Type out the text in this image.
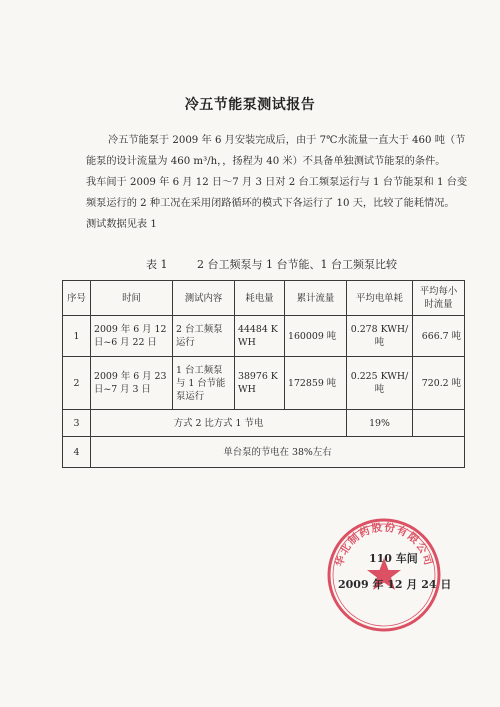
冷五节能泵测试报告

冷五节能泵于 2009 年 6 月安装完成后，由于 7℃水流量一直大于 460 吨（节
能泵的设计流量为 460 m³/h，，扬程为 40 米）不具备单独测试节能泵的条件。
我车间于 2009 年 6 月 12 日～7 月 3 日对 2 台工频泵运行与 1 台节能泵和 1 台变
频泵运行的 2 种工况在采用闭路循环的模式下各运行了 10 天，比较了能耗情况。
测试数据见表 1

表 1	2 台工频泵与 1 台节能、1 台工频泵比较
序号	时间	测试内容	耗电量	累计流量	平均电单耗	平均每小时流量
1	2009 年 6 月 12 日~6 月 22 日	2 台工频泵运行	44484 KWH	160009 吨	0.278 KWH/吨	666.7 吨
2	2009 年 6 月 23 日~7 月 3 日	1 台工频泵与 1 台节能泵运行	38976 KWH	172859 吨	0.225 KWH/吨	720.2 吨
3	方式 2 比方式 1 节电				19%	
4	单台泵的节电在 38%左右					
华北制药股份有限公司
110 车间
2009 年 12 月 24 日
